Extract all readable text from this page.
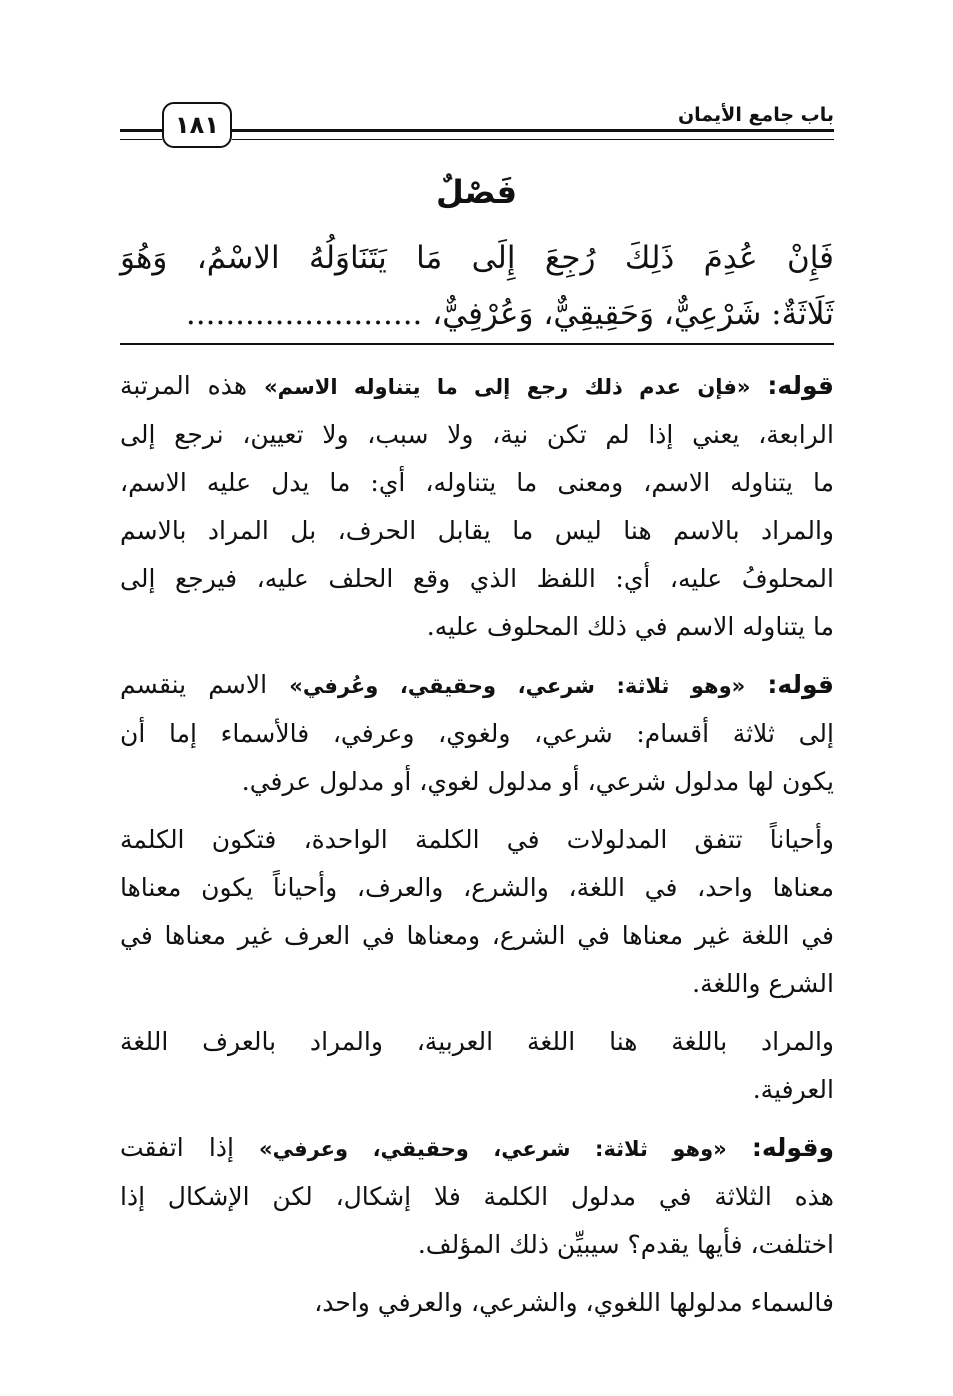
١٨١	باب جامع الأيمان
فَصْلٌ
فَإِنْ عُدِمَ ذَلِكَ رُجِعَ إِلَى مَا يَتَنَاوَلُهُ الاسْمُ، وَهُوَ
ثَلَاثَةٌ: شَرْعِيٌّ، وَحَقِيقِيٌّ، وَعُرْفِيٌّ، ........................
قوله: «فإن عدم ذلك رجع إلى ما يتناوله الاسم» هذه المرتبة
الرابعة، يعني إذا لم تكن نية، ولا سبب، ولا تعيين، نرجع إلى
ما يتناوله الاسم، ومعنى ما يتناوله، أي: ما يدل عليه الاسم،
والمراد بالاسم هنا ليس ما يقابل الحرف، بل المراد بالاسم
المحلوفُ عليه، أي: اللفظ الذي وقع الحلف عليه، فيرجع إلى
ما يتناوله الاسم في ذلك المحلوف عليه.
قوله: «وهو ثلاثة: شرعي، وحقيقي، وعُرفي» الاسم ينقسم
إلى ثلاثة أقسام: شرعي، ولغوي، وعرفي، فالأسماء إما أن
يكون لها مدلول شرعي، أو مدلول لغوي، أو مدلول عرفي.
وأحياناً تتفق المدلولات في الكلمة الواحدة، فتكون الكلمة
معناها واحد، في اللغة، والشرع، والعرف، وأحياناً يكون معناها
في اللغة غير معناها في الشرع، ومعناها في العرف غير معناها في
الشرع واللغة.
والمراد باللغة هنا اللغة العربية، والمراد بالعرف اللغة
العرفية.
وقوله: «وهو ثلاثة: شرعي، وحقيقي، وعرفي» إذا اتفقت
هذه الثلاثة في مدلول الكلمة فلا إشكال، لكن الإشكال إذا
اختلفت، فأيها يقدم؟ سيبيِّن ذلك المؤلف.
فالسماء مدلولها اللغوي، والشرعي، والعرفي واحد،
